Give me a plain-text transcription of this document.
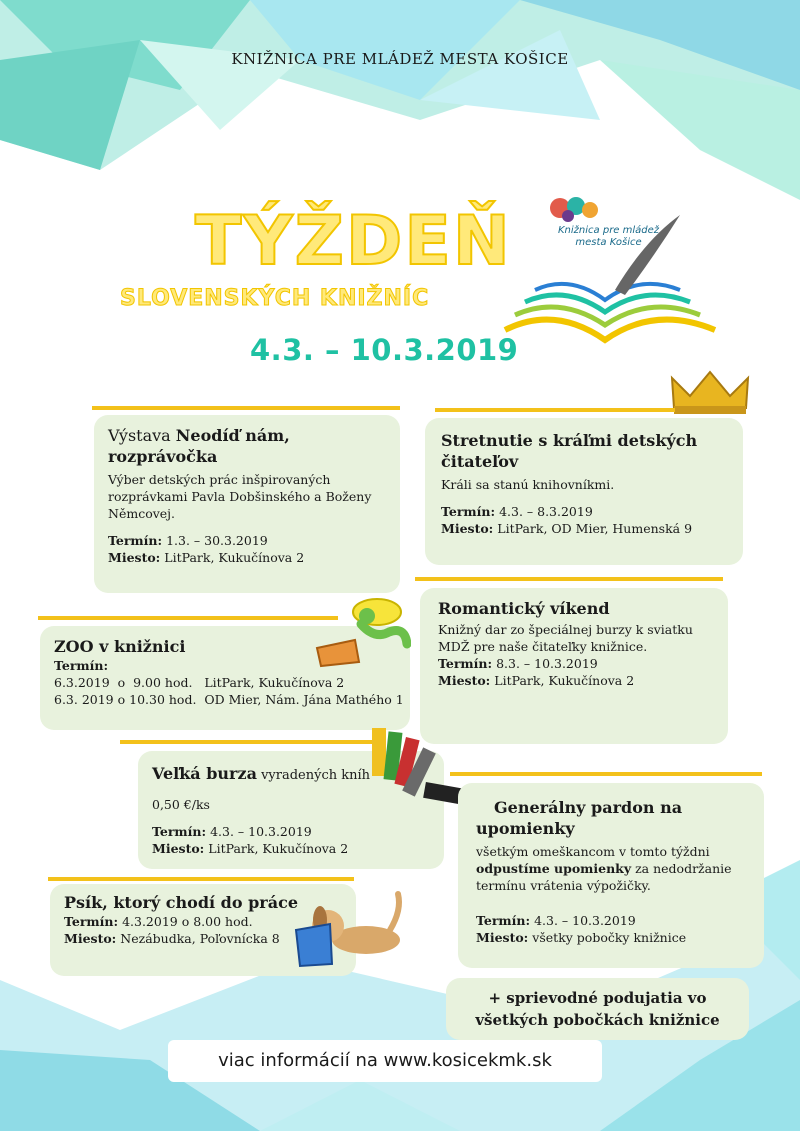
KNIŽNICA PRE MLÁDEŽ MESTA KOŠICE
Knižnica pre mládež
mesta Košice
TÝŽDEŇ
SLOVENSKÝCH KNIŽNÍC
4.3. – 10.3.2019
Výstava Neodíď nám, rozprávočka
Výber detských prác inšpirovaných rozprávkami Pavla Dobšinského a Boženy Němcovej.
Termín: 1.3. – 30.3.2019
Miesto: LitPark, Kukučínova 2
Stretnutie s kráľmi detských čitateľov
Králi sa stanú knihovníkmi.
Termín: 4.3. – 8.3.2019
Miesto: LitPark, OD Mier, Humenská 9
Romantický víkend
Knižný dar zo špeciálnej burzy k sviatku MDŽ pre naše čitateľky knižnice.
Termín: 8.3. – 10.3.2019
Miesto: LitPark, Kukučínova 2
ZOO v knižnici
Termín:
6.3.2019  o  9.00 hod.   LitPark, Kukučínova 2
6.3. 2019 o 10.30 hod.  OD Mier, Nám. Jána Mathého 1
Veľká burza vyradených kníh
0,50 €/ks
Termín: 4.3. – 10.3.2019
Miesto: LitPark, Kukučínova 2
Generálny pardon na upomienky
všetkým omeškancom v tomto týždni odpustíme upomienky za nedodržanie termínu vrátenia výpožičky.
Termín: 4.3. – 10.3.2019
Miesto: všetky pobočky knižnice
Psík, ktorý chodí do práce
Termín: 4.3.2019 o 8.00 hod.
Miesto: Nezábudka, Poľovnícka 8
+ sprievodné podujatia vo všetkých pobočkách knižnice
viac informácií na www.kosicekmk.sk
